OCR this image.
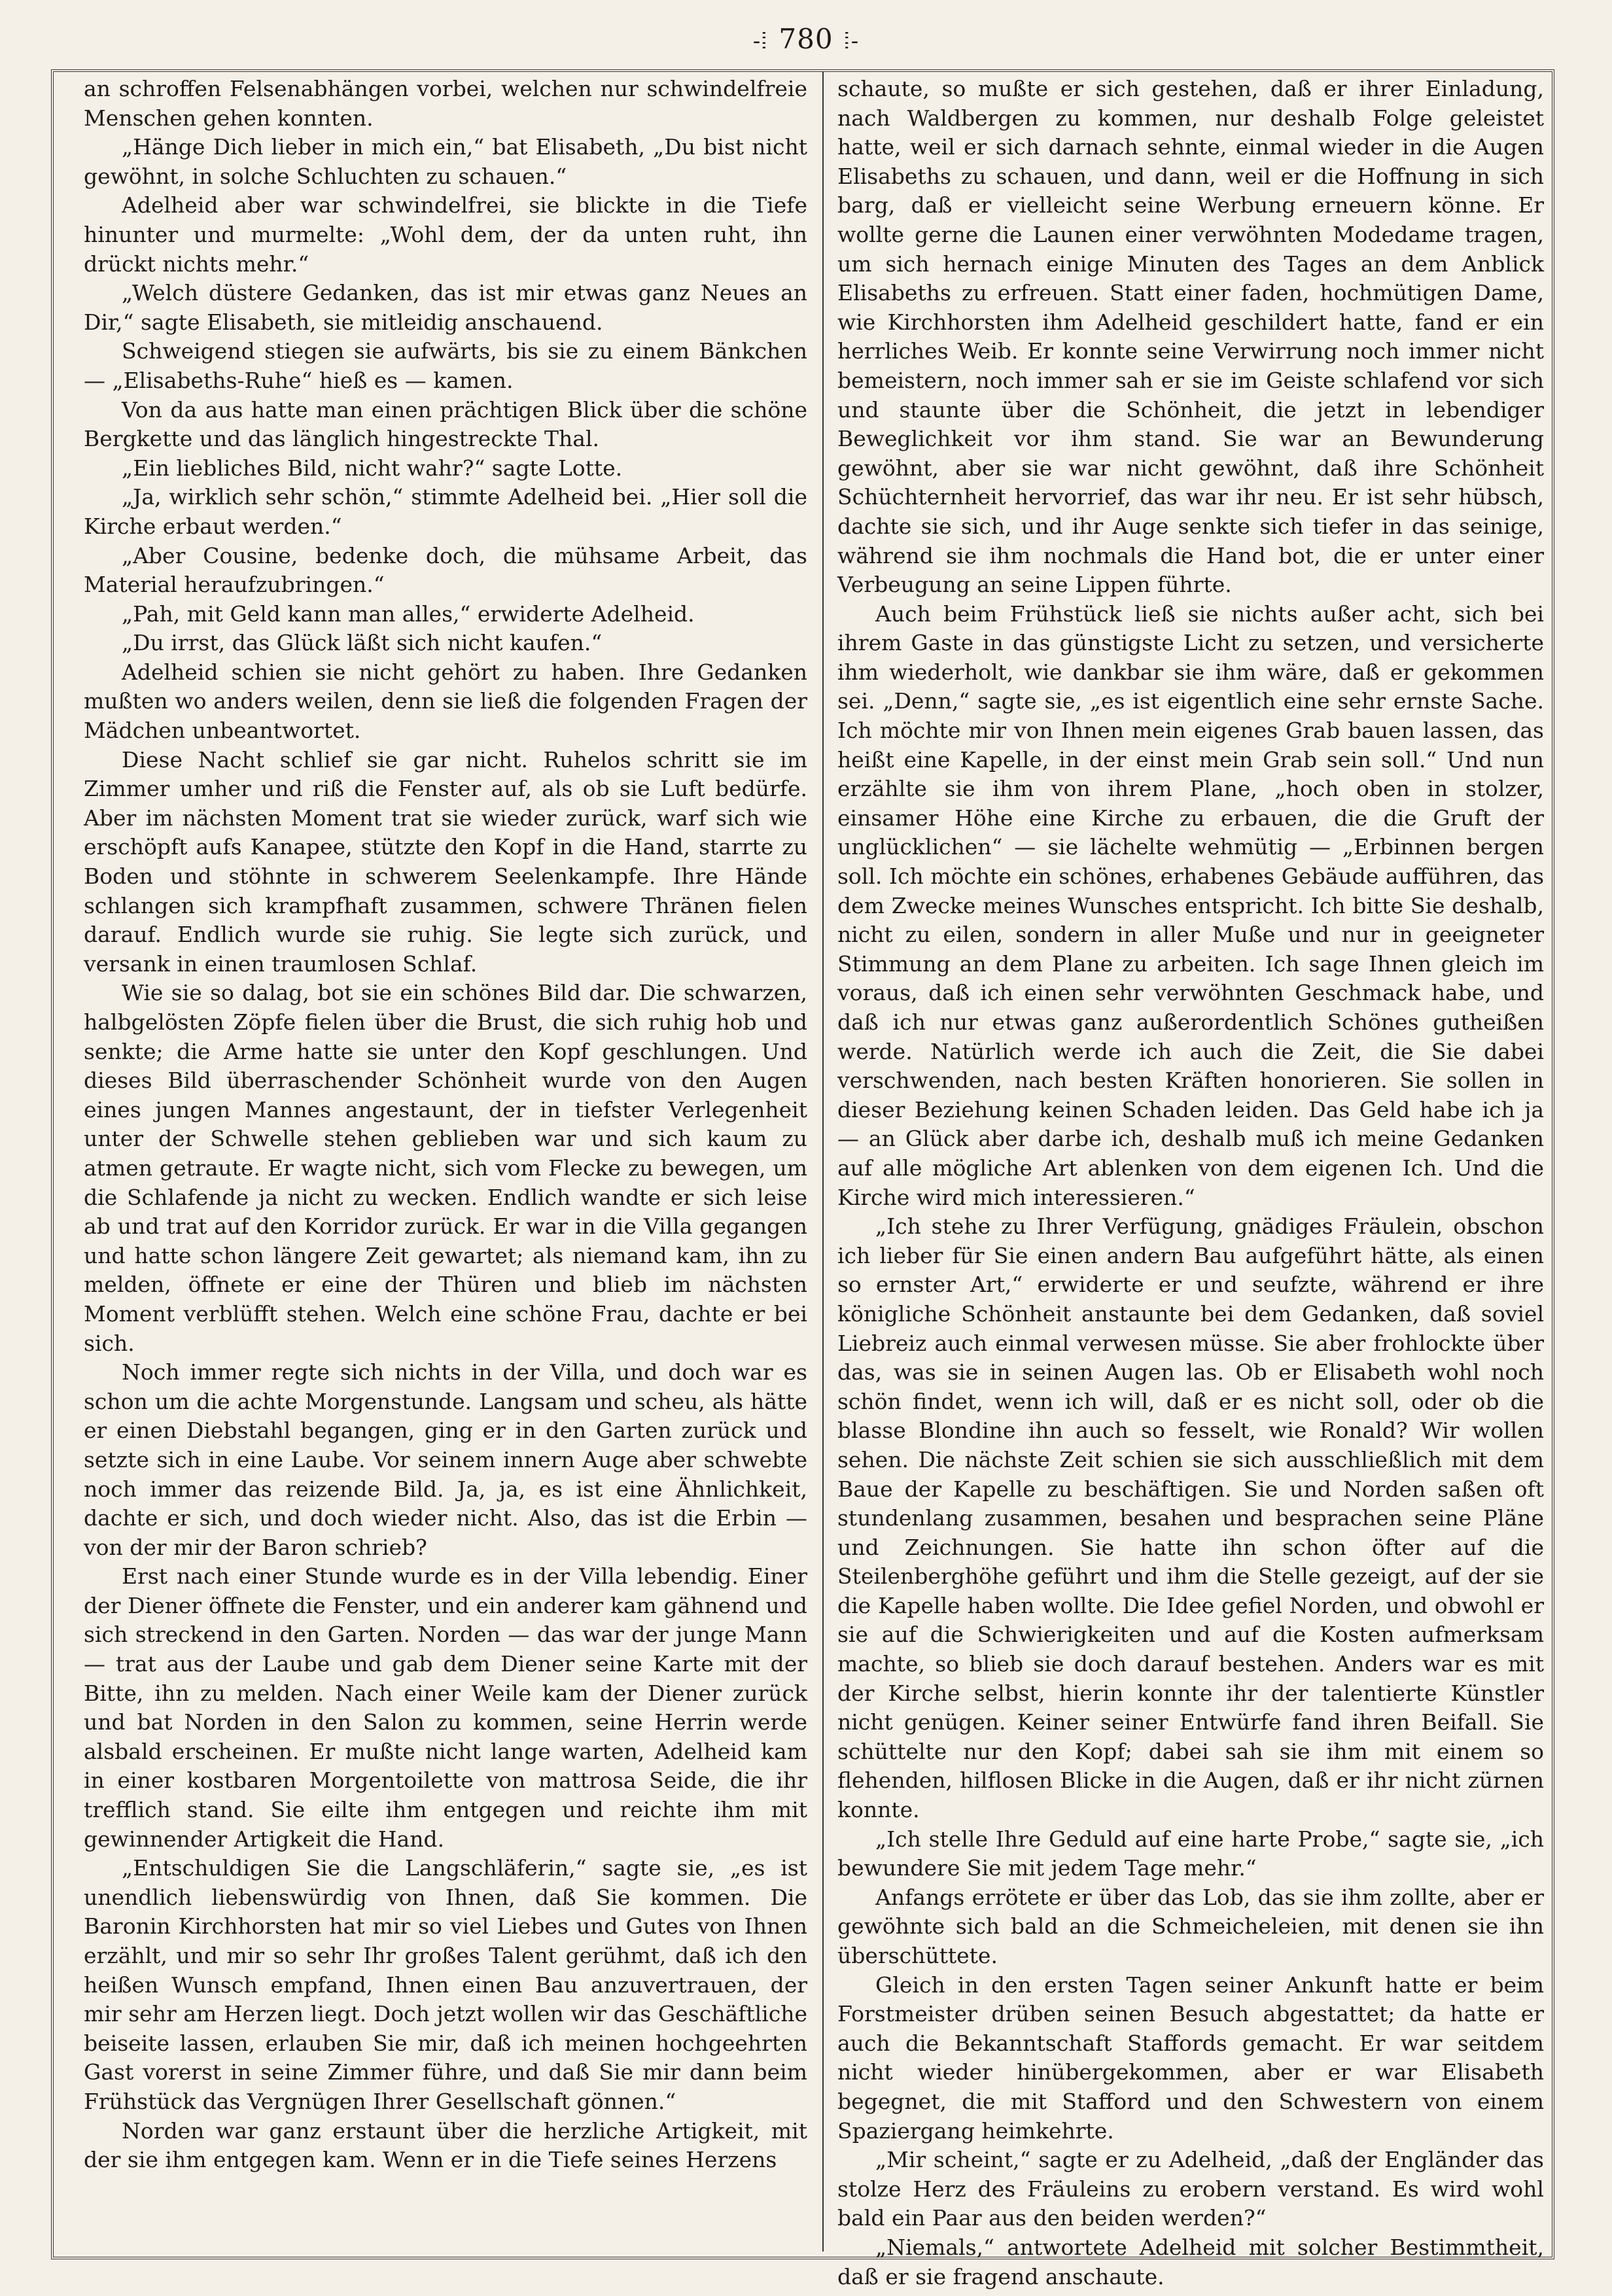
-ⵂ 780 ⵂ-

an schroffen Felsenabhängen vorbei, welchen nur schwindelfreie Menschen gehen konnten.

„Hänge Dich lieber in mich ein,“ bat Elisabeth, „Du bist nicht gewöhnt, in solche Schluchten zu schauen.“

Adelheid aber war schwindelfrei, sie blickte in die Tiefe hinunter und murmelte: „Wohl dem, der da unten ruht, ihn drückt nichts mehr.“

„Welch düstere Gedanken, das ist mir etwas ganz Neues an Dir,“ sagte Elisabeth, sie mitleidig anschauend.

Schweigend stiegen sie aufwärts, bis sie zu einem Bänkchen — „Elisabeths-Ruhe“ hieß es — kamen.

Von da aus hatte man einen prächtigen Blick über die schöne Bergkette und das länglich hingestreckte Thal.

„Ein liebliches Bild, nicht wahr?“ sagte Lotte.

„Ja, wirklich sehr schön,“ stimmte Adelheid bei. „Hier soll die Kirche erbaut werden.“

„Aber Cousine, bedenke doch, die mühsame Arbeit, das Material heraufzubringen.“

„Pah, mit Geld kann man alles,“ erwiderte Adelheid.

„Du irrst, das Glück läßt sich nicht kaufen.“

Adelheid schien sie nicht gehört zu haben. Ihre Gedanken mußten wo anders weilen, denn sie ließ die folgenden Fragen der Mädchen unbeantwortet.

Diese Nacht schlief sie gar nicht. Ruhelos schritt sie im Zimmer umher und riß die Fenster auf, als ob sie Luft bedürfe. Aber im nächsten Moment trat sie wieder zurück, warf sich wie erschöpft aufs Kanapee, stützte den Kopf in die Hand, starrte zu Boden und stöhnte in schwerem Seelenkampfe. Ihre Hände schlangen sich krampfhaft zusammen, schwere Thränen fielen darauf. Endlich wurde sie ruhig. Sie legte sich zurück, und versank in einen traumlosen Schlaf.

Wie sie so dalag, bot sie ein schönes Bild dar. Die schwarzen, halbgelösten Zöpfe fielen über die Brust, die sich ruhig hob und senkte; die Arme hatte sie unter den Kopf geschlungen. Und dieses Bild überraschender Schönheit wurde von den Augen eines jungen Mannes angestaunt, der in tiefster Verlegenheit unter der Schwelle stehen geblieben war und sich kaum zu atmen getraute. Er wagte nicht, sich vom Flecke zu bewegen, um die Schlafende ja nicht zu wecken. Endlich wandte er sich leise ab und trat auf den Korridor zurück. Er war in die Villa gegangen und hatte schon längere Zeit gewartet; als niemand kam, ihn zu melden, öffnete er eine der Thüren und blieb im nächsten Moment verblüfft stehen. Welch eine schöne Frau, dachte er bei sich.

Noch immer regte sich nichts in der Villa, und doch war es schon um die achte Morgenstunde. Langsam und scheu, als hätte er einen Diebstahl begangen, ging er in den Garten zurück und setzte sich in eine Laube. Vor seinem innern Auge aber schwebte noch immer das reizende Bild. Ja, ja, es ist eine Ähnlichkeit, dachte er sich, und doch wieder nicht. Also, das ist die Erbin — von der mir der Baron schrieb?

Erst nach einer Stunde wurde es in der Villa lebendig. Einer der Diener öffnete die Fenster, und ein anderer kam gähnend und sich streckend in den Garten. Norden — das war der junge Mann — trat aus der Laube und gab dem Diener seine Karte mit der Bitte, ihn zu melden. Nach einer Weile kam der Diener zurück und bat Norden in den Salon zu kommen, seine Herrin werde alsbald erscheinen. Er mußte nicht lange warten, Adelheid kam in einer kostbaren Morgentoilette von mattrosa Seide, die ihr trefflich stand. Sie eilte ihm entgegen und reichte ihm mit gewinnender Artigkeit die Hand.

„Entschuldigen Sie die Langschläferin,“ sagte sie, „es ist unendlich liebenswürdig von Ihnen, daß Sie kommen. Die Baronin Kirchhorsten hat mir so viel Liebes und Gutes von Ihnen erzählt, und mir so sehr Ihr großes Talent gerühmt, daß ich den heißen Wunsch empfand, Ihnen einen Bau anzuvertrauen, der mir sehr am Herzen liegt. Doch jetzt wollen wir das Geschäftliche beiseite lassen, erlauben Sie mir, daß ich meinen hochgeehrten Gast vorerst in seine Zimmer führe, und daß Sie mir dann beim Frühstück das Vergnügen Ihrer Gesellschaft gönnen.“

Norden war ganz erstaunt über die herzliche Artigkeit, mit der sie ihm entgegen kam. Wenn er in die Tiefe seines Herzens

schaute, so mußte er sich gestehen, daß er ihrer Einladung, nach Waldbergen zu kommen, nur deshalb Folge geleistet hatte, weil er sich darnach sehnte, einmal wieder in die Augen Elisabeths zu schauen, und dann, weil er die Hoffnung in sich barg, daß er vielleicht seine Werbung erneuern könne. Er wollte gerne die Launen einer verwöhnten Modedame tragen, um sich hernach einige Minuten des Tages an dem Anblick Elisabeths zu erfreuen. Statt einer faden, hochmütigen Dame, wie Kirchhorsten ihm Adelheid geschildert hatte, fand er ein herrliches Weib. Er konnte seine Verwirrung noch immer nicht bemeistern, noch immer sah er sie im Geiste schlafend vor sich und staunte über die Schönheit, die jetzt in lebendiger Beweglichkeit vor ihm stand. Sie war an Bewunderung gewöhnt, aber sie war nicht gewöhnt, daß ihre Schönheit Schüchternheit hervorrief, das war ihr neu. Er ist sehr hübsch, dachte sie sich, und ihr Auge senkte sich tiefer in das seinige, während sie ihm nochmals die Hand bot, die er unter einer Verbeugung an seine Lippen führte.

Auch beim Frühstück ließ sie nichts außer acht, sich bei ihrem Gaste in das günstigste Licht zu setzen, und versicherte ihm wiederholt, wie dankbar sie ihm wäre, daß er gekommen sei. „Denn,“ sagte sie, „es ist eigentlich eine sehr ernste Sache. Ich möchte mir von Ihnen mein eigenes Grab bauen lassen, das heißt eine Kapelle, in der einst mein Grab sein soll.“ Und nun erzählte sie ihm von ihrem Plane, „hoch oben in stolzer, einsamer Höhe eine Kirche zu erbauen, die die Gruft der unglücklichen“ — sie lächelte wehmütig — „Erbinnen bergen soll. Ich möchte ein schönes, erhabenes Gebäude aufführen, das dem Zwecke meines Wunsches entspricht. Ich bitte Sie deshalb, nicht zu eilen, sondern in aller Muße und nur in geeigneter Stimmung an dem Plane zu arbeiten. Ich sage Ihnen gleich im voraus, daß ich einen sehr verwöhnten Geschmack habe, und daß ich nur etwas ganz außerordentlich Schönes gutheißen werde. Natürlich werde ich auch die Zeit, die Sie dabei verschwenden, nach besten Kräften honorieren. Sie sollen in dieser Beziehung keinen Schaden leiden. Das Geld habe ich ja — an Glück aber darbe ich, deshalb muß ich meine Gedanken auf alle mögliche Art ablenken von dem eigenen Ich. Und die Kirche wird mich interessieren.“

„Ich stehe zu Ihrer Verfügung, gnädiges Fräulein, obschon ich lieber für Sie einen andern Bau aufgeführt hätte, als einen so ernster Art,“ erwiderte er und seufzte, während er ihre königliche Schönheit anstaunte bei dem Gedanken, daß soviel Liebreiz auch einmal verwesen müsse. Sie aber frohlockte über das, was sie in seinen Augen las. Ob er Elisabeth wohl noch schön findet, wenn ich will, daß er es nicht soll, oder ob die blasse Blondine ihn auch so fesselt, wie Ronald? Wir wollen sehen. Die nächste Zeit schien sie sich ausschließlich mit dem Baue der Kapelle zu beschäftigen. Sie und Norden saßen oft stundenlang zusammen, besahen und besprachen seine Pläne und Zeichnungen. Sie hatte ihn schon öfter auf die Steilenberghöhe geführt und ihm die Stelle gezeigt, auf der sie die Kapelle haben wollte. Die Idee gefiel Norden, und obwohl er sie auf die Schwierigkeiten und auf die Kosten aufmerksam machte, so blieb sie doch darauf bestehen. Anders war es mit der Kirche selbst, hierin konnte ihr der talentierte Künstler nicht genügen. Keiner seiner Entwürfe fand ihren Beifall. Sie schüttelte nur den Kopf; dabei sah sie ihm mit einem so flehenden, hilflosen Blicke in die Augen, daß er ihr nicht zürnen konnte.

„Ich stelle Ihre Geduld auf eine harte Probe,“ sagte sie, „ich bewundere Sie mit jedem Tage mehr.“

Anfangs errötete er über das Lob, das sie ihm zollte, aber er gewöhnte sich bald an die Schmeicheleien, mit denen sie ihn überschüttete.

Gleich in den ersten Tagen seiner Ankunft hatte er beim Forstmeister drüben seinen Besuch abgestattet; da hatte er auch die Bekanntschaft Staffords gemacht. Er war seitdem nicht wieder hinübergekommen, aber er war Elisabeth begegnet, die mit Stafford und den Schwestern von einem Spaziergang heimkehrte.

„Mir scheint,“ sagte er zu Adelheid, „daß der Engländer das stolze Herz des Fräuleins zu erobern verstand. Es wird wohl bald ein Paar aus den beiden werden?“

„Niemals,“ antwortete Adelheid mit solcher Bestimmtheit, daß er sie fragend anschaute.
